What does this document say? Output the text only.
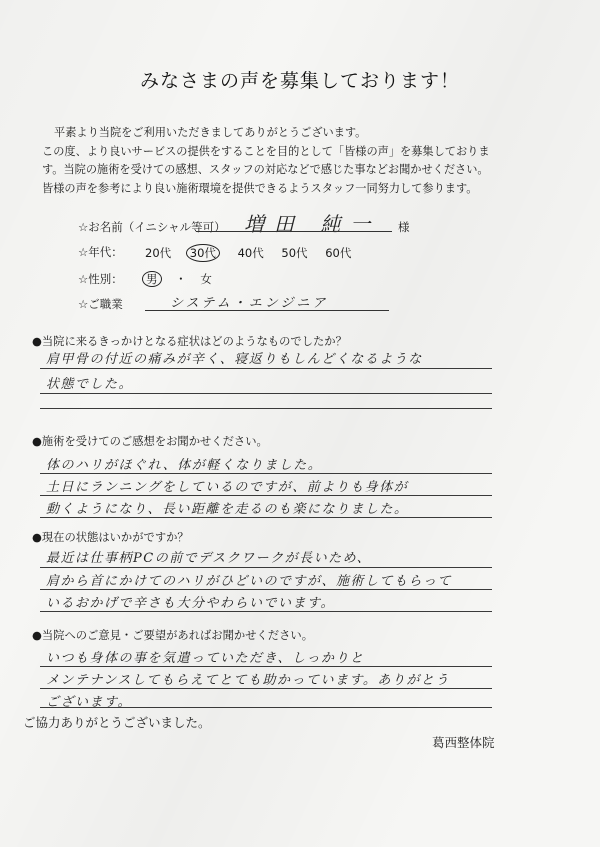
みなさまの声を募集しております！
平素より当院をご利用いただきましてありがとうございます。
この度、より良いサービスの提供をすることを目的として「皆様の声」を募集しておりま
す。当院の施術を受けての感想、スタッフの対応などで感じた事などお聞かせください。
皆様の声を参考により良い施術環境を提供できるようスタッフ一同努力して参ります。
☆お名前（イニシャル等可） 増田 純一 様
☆年代： 20代 30代 40代 50代 60代
☆性別： 男 ・ 女
☆ご職業	システム・エンジニア
●当院に来るきっかけとなる症状はどのようなものでしたか？
肩甲骨の付近の痛みが辛く、寝返りもしんどくなるような
状態でした。
●施術を受けてのご感想をお聞かせください。
体のハリがほぐれ、体が軽くなりました。
土日にランニングをしているのですが、前よりも身体が
動くようになり、長い距離を走るのも楽になりました。
●現在の状態はいかがですか？
最近は仕事柄PCの前でデスクワークが長いため、
肩から首にかけてのハリがひどいのですが、施術してもらって
いるおかげで辛さも大分やわらいでいます。
●当院へのご意見・ご要望があればお聞かせください。
いつも身体の事を気遣っていただき、しっかりと
メンテナンスしてもらえてとても助かっています。ありがとう
ございます。
ご協力ありがとうございました。
葛西整体院
